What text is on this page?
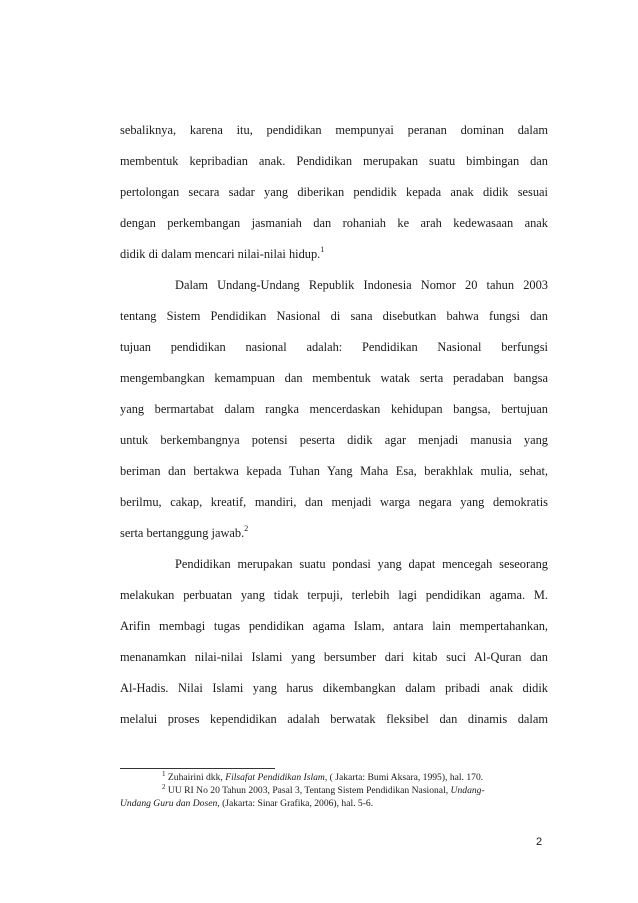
sebaliknya, karena itu, pendidikan mempunyai peranan dominan dalam
membentuk kepribadian anak. Pendidikan merupakan suatu bimbingan dan
pertolongan secara sadar yang diberikan pendidik kepada anak didik sesuai
dengan perkembangan jasmaniah dan rohaniah ke arah kedewasaan anak
didik di dalam mencari nilai-nilai hidup.$^1$
Dalam Undang-Undang Republik Indonesia Nomor 20 tahun 2003
tentang Sistem Pendidikan Nasional di sana disebutkan bahwa fungsi dan
tujuan pendidikan nasional adalah: Pendidikan Nasional berfungsi
mengembangkan kemampuan dan membentuk watak serta peradaban bangsa
yang bermartabat dalam rangka mencerdaskan kehidupan bangsa, bertujuan
untuk berkembangnya potensi peserta didik agar menjadi manusia yang
beriman dan bertakwa kepada Tuhan Yang Maha Esa, berakhlak mulia, sehat,
berilmu, cakap, kreatif, mandiri, dan menjadi warga negara yang demokratis
serta bertanggung jawab.$^2$
Pendidikan merupakan suatu pondasi yang dapat mencegah seseorang
melakukan perbuatan yang tidak terpuji, terlebih lagi pendidikan agama. M.
Arifin membagi tugas pendidikan agama Islam, antara lain mempertahankan,
menanamkan nilai-nilai Islami yang bersumber dari kitab suci Al-Quran dan
Al-Hadis. Nilai Islami yang harus dikembangkan dalam pribadi anak didik
melalui proses kependidikan adalah berwatak fleksibel dan dinamis dalam
$^1$ Zuhairini dkk, Filsafat Pendidikan Islam, ( Jakarta: Bumi Aksara, 1995), hal. 170.
$^2$ UU RI No 20 Tahun 2003, Pasal 3, Tentang Sistem Pendidikan Nasional, Undang-
Undang Guru dan Dosen, (Jakarta: Sinar Grafika, 2006), hal. 5-6.
2
